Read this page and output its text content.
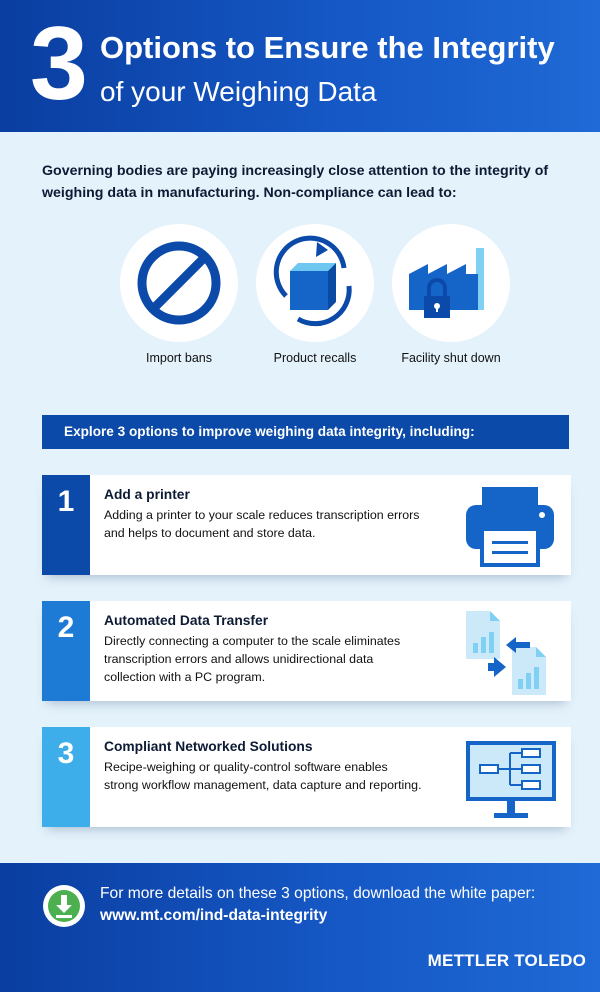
3 Options to Ensure the Integrity
of your Weighing Data
Governing bodies are paying increasingly close attention to the integrity of weighing data in manufacturing. Non-compliance can lead to:
Import bans	Product recalls	Facility shut down
Explore 3 options to improve weighing data integrity, including:
1	Add a printer
Adding a printer to your scale reduces transcription errors and helps to document and store data.
2	Automated Data Transfer
Directly connecting a computer to the scale eliminates transcription errors and allows unidirectional data collection with a PC program.
3	Compliant Networked Solutions
Recipe-weighing or quality-control software enables strong workflow management, data capture and reporting.
For more details on these 3 options, download the white paper:
www.mt.com/ind-data-integrity
METTLER TOLEDO
